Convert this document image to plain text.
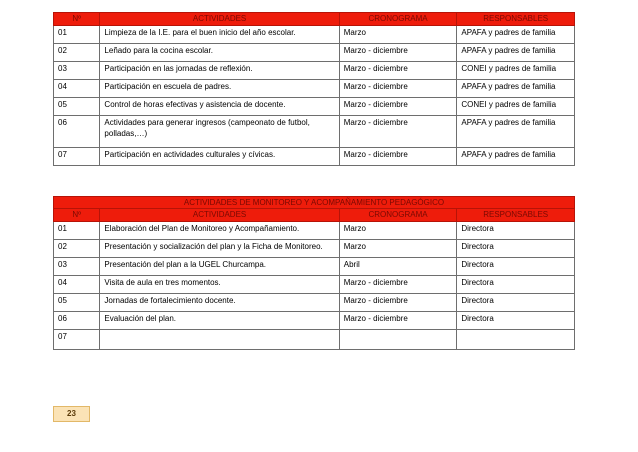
Nº	ACTIVIDADES	CRONOGRAMA	RESPONSABLES
01	Limpieza de la I.E. para el buen inicio del año escolar.	Marzo	APAFA y padres de familia
02	Leñado para la cocina escolar.	Marzo - diciembre	APAFA y padres de familia
03	Participación en las jornadas de reflexión.	Marzo - diciembre	CONEI y padres de familia
04	Participación en escuela de padres.	Marzo - diciembre	APAFA y padres de familia
05	Control de horas efectivas y asistencia de docente.	Marzo - diciembre	CONEI y padres de familia
06	Actividades para generar ingresos (campeonato de futbol, polladas,…)	Marzo - diciembre	APAFA y padres de familia
07	Participación en actividades culturales y cívicas.	Marzo - diciembre	APAFA y padres de familia
ACTIVIDADES DE MONITOREO Y ACOMPAÑAMIENTO PEDAGÓGICO			
Nº	ACTIVIDADES	CRONOGRAMA	RESPONSABLES
01	Elaboración del Plan de Monitoreo y Acompañamiento.	Marzo	Directora
02	Presentación y socialización del plan y la Ficha de Monitoreo.	Marzo	Directora
03	Presentación del plan a la UGEL Churcampa.	Abril	Directora
04	Visita de aula en tres momentos.	Marzo - diciembre	Directora
05	Jornadas de fortalecimiento docente.	Marzo - diciembre	Directora
06	Evaluación del plan.	Marzo - diciembre	Directora
07			
23
